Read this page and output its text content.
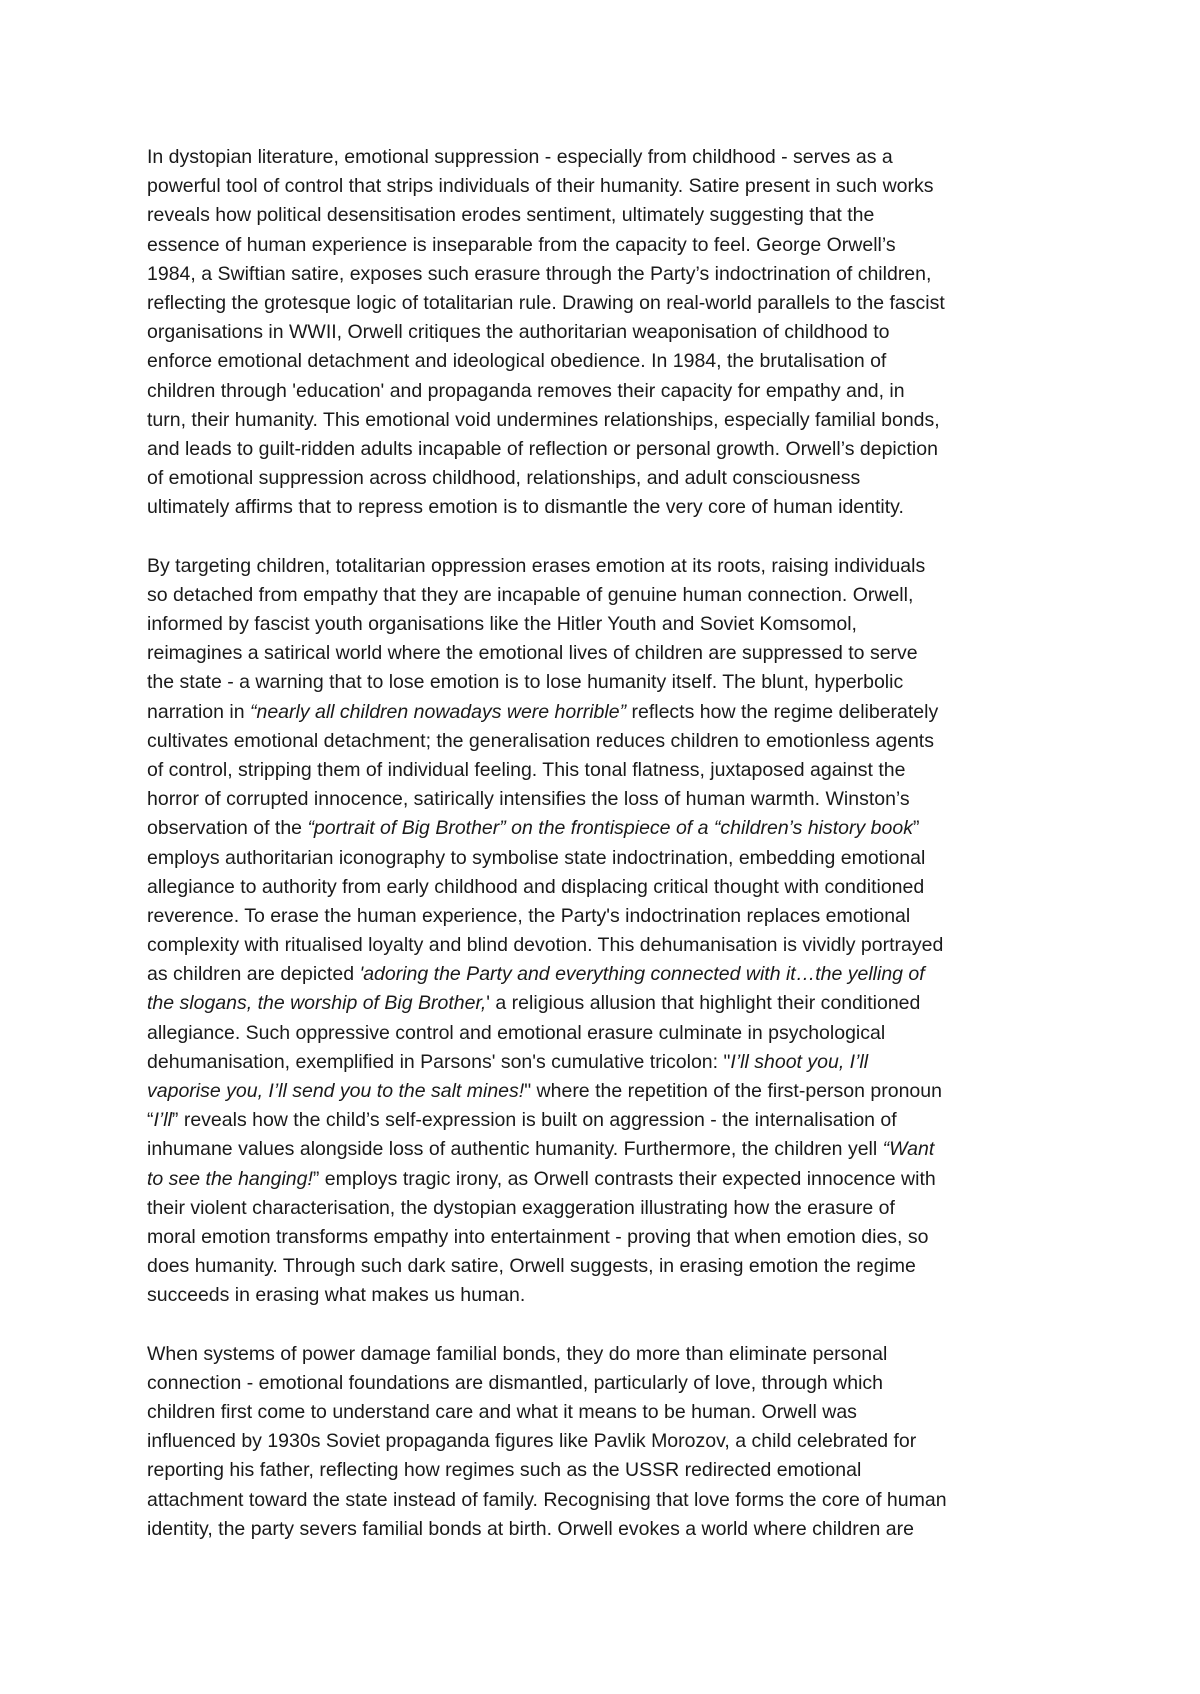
In dystopian literature, emotional suppression - especially from childhood - serves as a
powerful tool of control that strips individuals of their humanity. Satire present in such works
reveals how political desensitisation erodes sentiment, ultimately suggesting that the
essence of human experience is inseparable from the capacity to feel. George Orwell’s
1984, a Swiftian satire, exposes such erasure through the Party’s indoctrination of children,
reflecting the grotesque logic of totalitarian rule. Drawing on real-world parallels to the fascist
organisations in WWII, Orwell critiques the authoritarian weaponisation of childhood to
enforce emotional detachment and ideological obedience. In 1984, the brutalisation of
children through 'education' and propaganda removes their capacity for empathy and, in
turn, their humanity. This emotional void undermines relationships, especially familial bonds,
and leads to guilt-ridden adults incapable of reflection or personal growth. Orwell’s depiction
of emotional suppression across childhood, relationships, and adult consciousness
ultimately affirms that to repress emotion is to dismantle the very core of human identity.
By targeting children, totalitarian oppression erases emotion at its roots, raising individuals
so detached from empathy that they are incapable of genuine human connection. Orwell,
informed by fascist youth organisations like the Hitler Youth and Soviet Komsomol,
reimagines a satirical world where the emotional lives of children are suppressed to serve
the state - a warning that to lose emotion is to lose humanity itself. The blunt, hyperbolic
narration in “nearly all children nowadays were horrible” reflects how the regime deliberately
cultivates emotional detachment; the generalisation reduces children to emotionless agents
of control, stripping them of individual feeling. This tonal flatness, juxtaposed against the
horror of corrupted innocence, satirically intensifies the loss of human warmth. Winston’s
observation of the “portrait of Big Brother” on the frontispiece of a “children’s history book”
employs authoritarian iconography to symbolise state indoctrination, embedding emotional
allegiance to authority from early childhood and displacing critical thought with conditioned
reverence. To erase the human experience, the Party's indoctrination replaces emotional
complexity with ritualised loyalty and blind devotion. This dehumanisation is vividly portrayed
as children are depicted 'adoring the Party and everything connected with it…the yelling of
the slogans, the worship of Big Brother,' a religious allusion that highlight their conditioned
allegiance. Such oppressive control and emotional erasure culminate in psychological
dehumanisation, exemplified in Parsons' son's cumulative tricolon: "I’ll shoot you, I’ll
vaporise you, I’ll send you to the salt mines!" where the repetition of the first-person pronoun
“I’ll” reveals how the child’s self-expression is built on aggression - the internalisation of
inhumane values alongside loss of authentic humanity. Furthermore, the children yell “Want
to see the hanging!” employs tragic irony, as Orwell contrasts their expected innocence with
their violent characterisation, the dystopian exaggeration illustrating how the erasure of
moral emotion transforms empathy into entertainment - proving that when emotion dies, so
does humanity. Through such dark satire, Orwell suggests, in erasing emotion the regime
succeeds in erasing what makes us human.
When systems of power damage familial bonds, they do more than eliminate personal
connection - emotional foundations are dismantled, particularly of love, through which
children first come to understand care and what it means to be human. Orwell was
influenced by 1930s Soviet propaganda figures like Pavlik Morozov, a child celebrated for
reporting his father, reflecting how regimes such as the USSR redirected emotional
attachment toward the state instead of family. Recognising that love forms the core of human
identity, the party severs familial bonds at birth. Orwell evokes a world where children are
